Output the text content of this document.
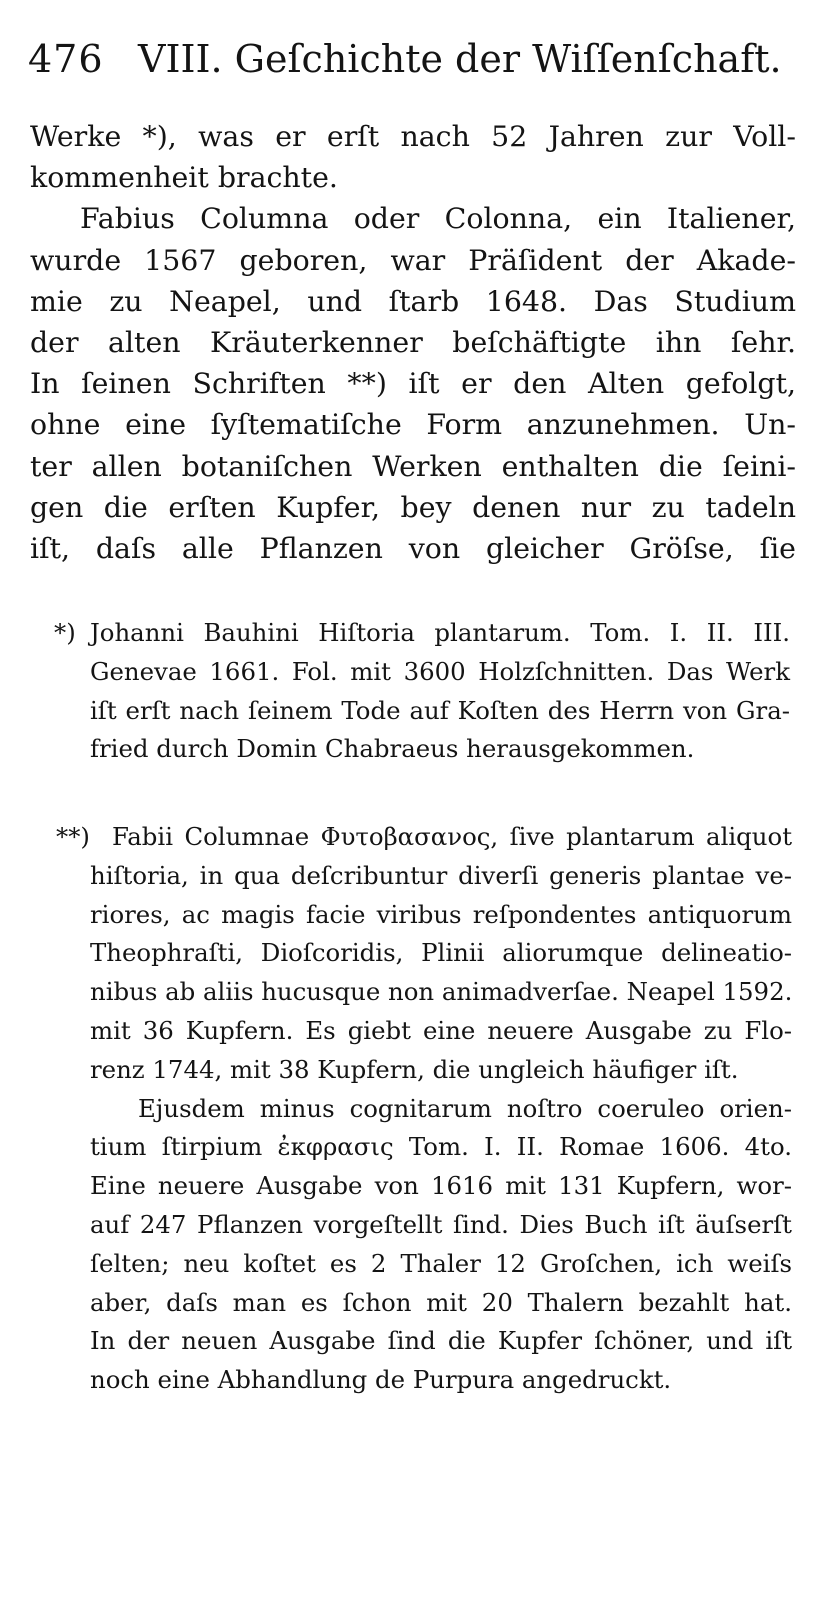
476 VIII. Geſchichte der Wiſſenſchaft.
Werke *), was er erſt nach 52 Jahren zur Voll-
kommenheit brachte.
Fabius Columna oder Colonna, ein Italiener,
wurde 1567 geboren, war Präſident der Akade-
mie zu Neapel, und ſtarb 1648. Das Studium
der alten Kräuterkenner beſchäftigte ihn ſehr.
In ſeinen Schriften **) iſt er den Alten gefolgt,
ohne eine ſyſtematiſche Form anzunehmen. Un-
ter allen botaniſchen Werken enthalten die ſeini-
gen die erſten Kupfer, bey denen nur zu tadeln
iſt, daſs alle Pflanzen von gleicher Gröſse, ſie
*) Johanni Bauhini Hiſtoria plantarum. Tom. I. II. III.
Genevae 1661. Fol. mit 3600 Holzſchnitten. Das Werk
iſt erſt nach ſeinem Tode auf Koſten des Herrn von Gra-
fried durch Domin Chabraeus herausgekommen.
**) Fabii Columnae Φυτοβασανος, ſive plantarum aliquot
hiſtoria, in qua deſcribuntur diverſi generis plantae ve-
riores, ac magis facie viribus reſpondentes antiquorum
Theophraſti, Dioſcoridis, Plinii aliorumque delineatio-
nibus ab aliis hucusque non animadverſae. Neapel 1592.
mit 36 Kupfern. Es giebt eine neuere Ausgabe zu Flo-
renz 1744, mit 38 Kupfern, die ungleich häufiger iſt.
Ejusdem minus cognitarum noſtro coeruleo orien-
tium ſtirpium ἐκφρασις Tom. I. II. Romae 1606. 4to.
Eine neuere Ausgabe von 1616 mit 131 Kupfern, wor-
auf 247 Pflanzen vorgeſtellt ſind. Dies Buch iſt äuſserſt
ſelten; neu koſtet es 2 Thaler 12 Groſchen, ich weiſs
aber, daſs man es ſchon mit 20 Thalern bezahlt hat.
In der neuen Ausgabe ſind die Kupfer ſchöner, und iſt
noch eine Abhandlung de Purpura angedruckt.
